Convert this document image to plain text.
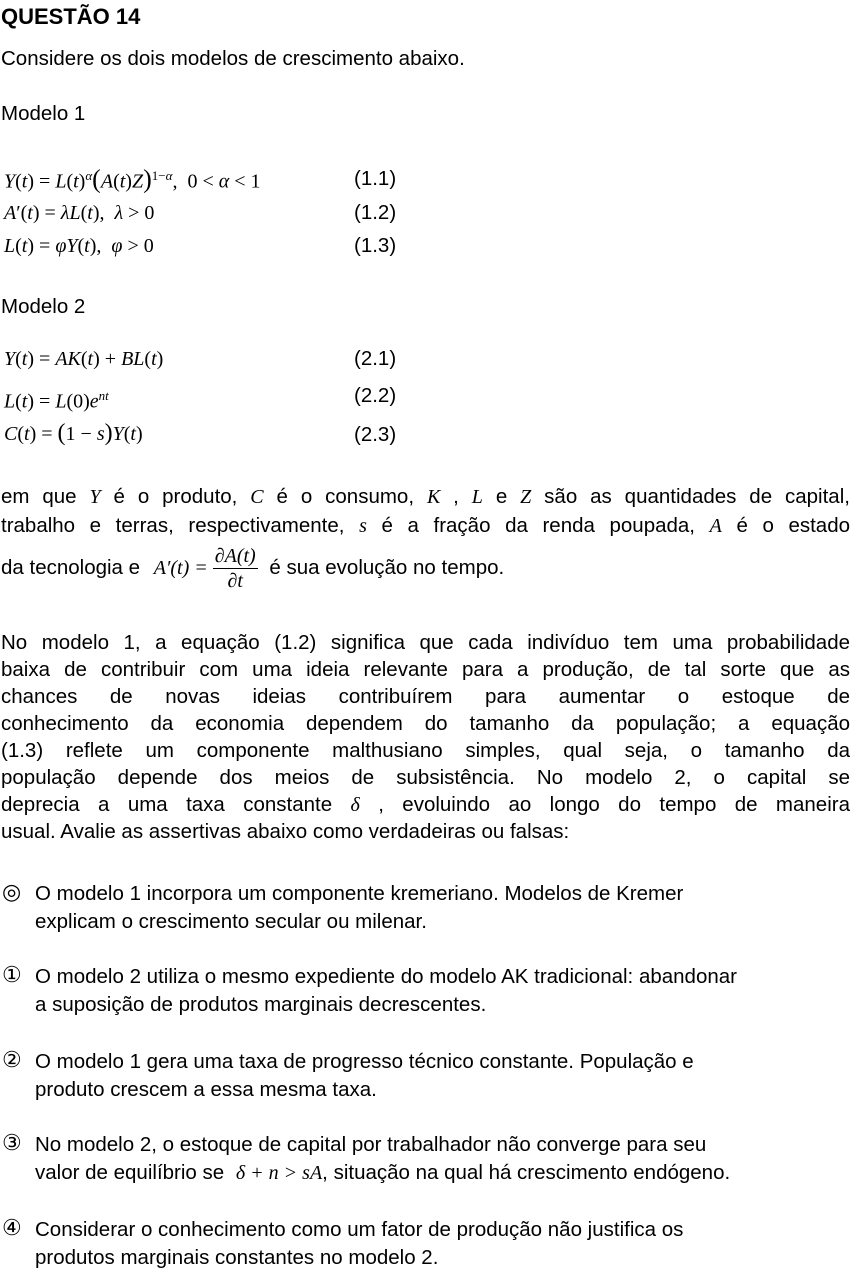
QUESTÃO 14
Considere os dois modelos de crescimento abaixo.
Modelo 1
$Y(t) = L(t)^\alpha(A(t)Z)^{1-\alpha}$,  0 < α < 1	(1.1)
A′(t) = λL(t),  λ > 0	(1.2)
L(t) = φY(t),  φ > 0	(1.3)
Modelo 2
Y(t) = AK(t) + BL(t)	(2.1)
$L(t) = L(0)e^{nt}$	(2.2)
C(t) = (1 − s)Y(t)	(2.3)
em que Y é o produto, C é o consumo, K , L e Z são as quantidades de capital,
trabalho e terras, respectivamente, s é a fração da renda poupada, A é o estado
da tecnologia e $A'(t) = \frac{\partial A(t)}{\partial t}$ é sua evolução no tempo.
No modelo 1, a equação (1.2) significa que cada indivíduo tem uma probabilidade
baixa de contribuir com uma ideia relevante para a produção, de tal sorte que as
chances de novas ideias contribuírem para aumentar o estoque de
conhecimento da economia dependem do tamanho da população; a equação
(1.3) reflete um componente malthusiano simples, qual seja, o tamanho da
população depende dos meios de subsistência. No modelo 2, o capital se
deprecia a uma taxa constante δ , evoluindo ao longo do tempo de maneira
usual. Avalie as assertivas abaixo como verdadeiras ou falsas:
◎ O modelo 1 incorpora um componente kremeriano. Modelos de Kremer
explicam o crescimento secular ou milenar.
① O modelo 2 utiliza o mesmo expediente do modelo AK tradicional: abandonar
a suposição de produtos marginais decrescentes.
② O modelo 1 gera uma taxa de progresso técnico constante. População e
produto crescem a essa mesma taxa.
③ No modelo 2, o estoque de capital por trabalhador não converge para seu
valor de equilíbrio se δ + n > sA, situação na qual há crescimento endógeno.
④ Considerar o conhecimento como um fator de produção não justifica os
produtos marginais constantes no modelo 2.
